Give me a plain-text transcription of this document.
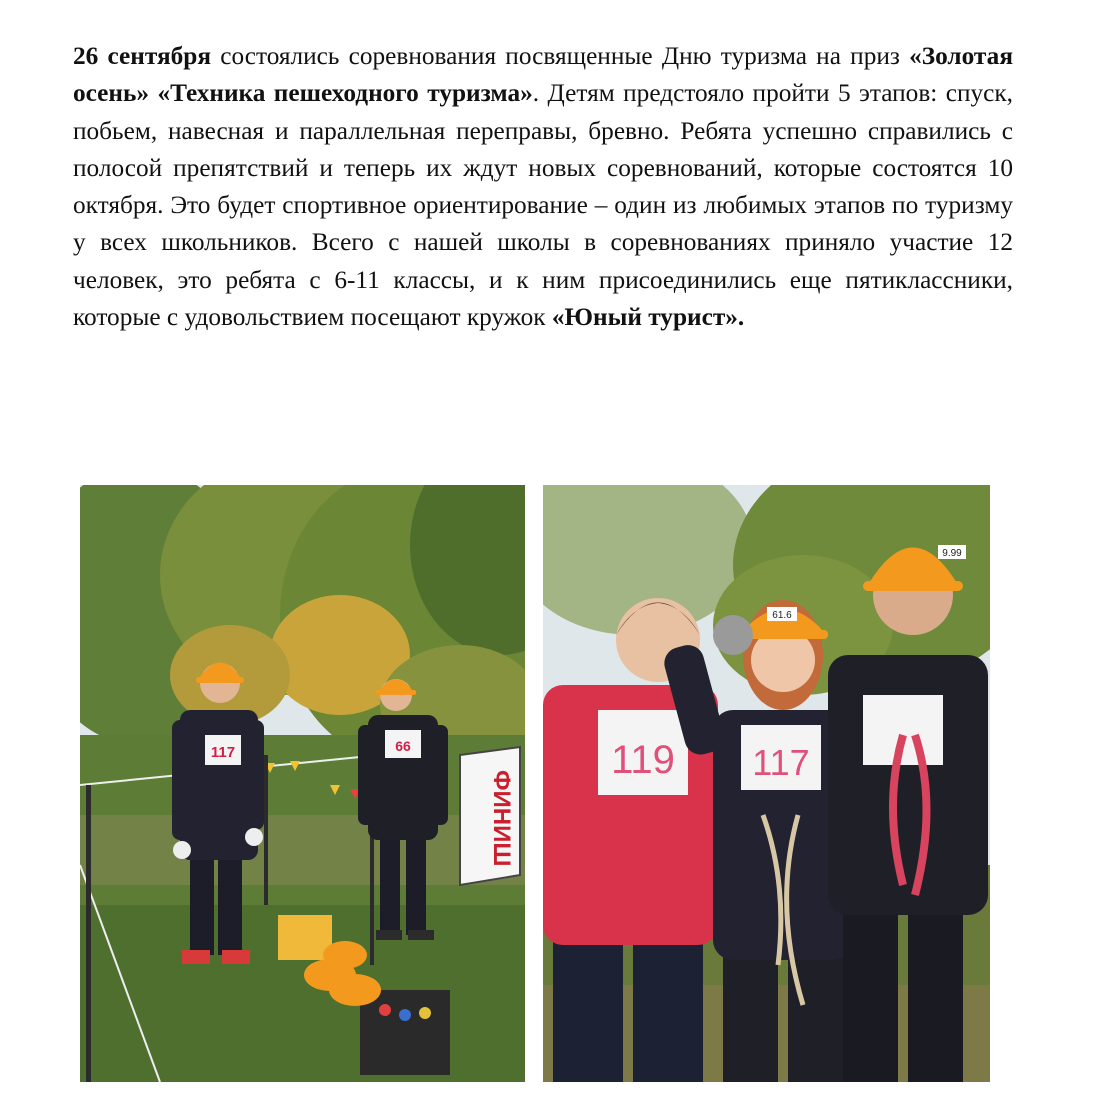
26 сентября состоялись соревнования посвященные Дню туризма на приз «Золотая осень» «Техника пешеходного туризма». Детям предстояло пройти 5 этапов: спуск, побьем, навесная и параллельная переправы, бревно. Ребята успешно справились с полосой препятствий и теперь их ждут новых соревнований, которые состоятся 10 октября. Это будет спортивное ориентирование – один из любимых этапов по туризму у всех школьников. Всего с нашей школы в соревнованиях приняло участие 12 человек, это ребята с 6-11 классы, и к ним присоединились еще пятиклассники, которые с удовольствием посещают кружок «Юный турист».
117	66
ФИНИШ
119 117
61.6
9.99
